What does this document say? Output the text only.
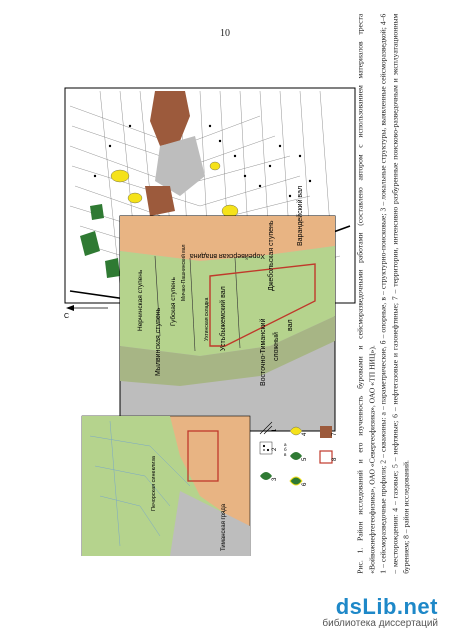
10
Варандейский вал
Хорейверская впадина Джебольская ступень
Губская ступень
Нерчинская ступень
Мылвинская ступень	Устьбыжемский вал
Ухтинская складка	Восточно-Тиманский сложный
вал
Мичаю-Пашнинский вал
С
Печорская синеклиза
Тиманская гряда
1
2
3
4
5
6
7
8
а
б
в	Рис. 1. Район исследований и его изученность буровыми и сейсморазведочными работами (составлено автором с использованием материалов треста «Войвожнефтегеофизика», ОАО «Севергеофизика», ОАО «ТП НИЦ»). 1 – сейсморазведочные профили; 2 – скважины: а – параметрические, б – опорные, в – структурно-поисковые; 3 – локальные структуры, выявленные сейсморазведкой; 4–6 – месторождения: 4 – газовые; 5 – нефтяные; 6 – нефтегазовые и газонефтяные; 7 – территории, интенсивно разбуренные поисково-разведочным и эксплуатационным бурением; 8 – район исследований.

dsLib.net
библиотека диссертаций
